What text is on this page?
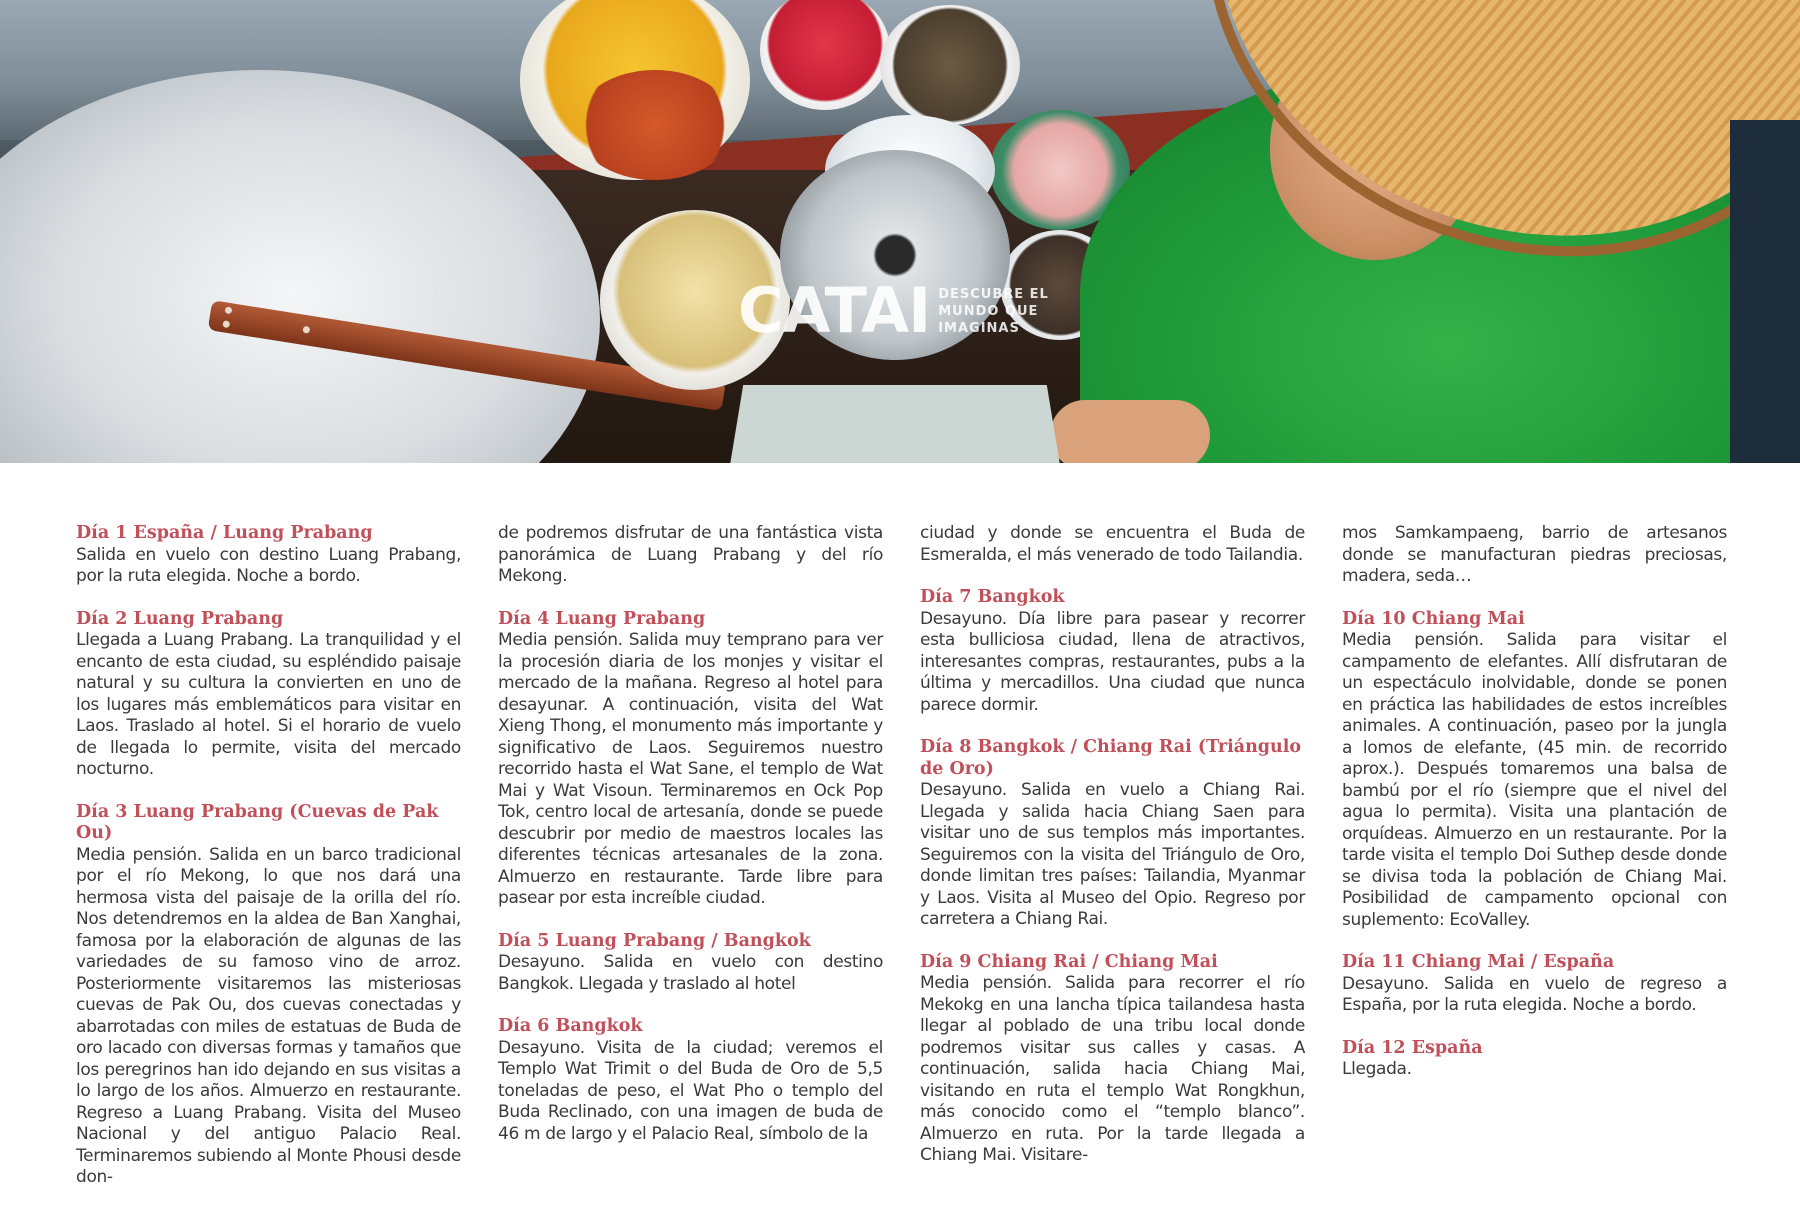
CATAI DESCUBRE EL
MUNDO QUE
IMAGINAS
Día 1 España / Luang Prabang
Salida en vuelo con destino Luang Prabang, por la ruta elegida. Noche a bordo.
Día 2 Luang Prabang
Llegada a Luang Prabang. La tranquilidad y el encanto de esta ciudad, su espléndido paisaje natural y su cultura la convierten en uno de los lugares más emblemáticos para visitar en Laos. Traslado al hotel. Si el horario de vuelo de llegada lo permite, visita del mercado nocturno.
Día 3 Luang Prabang (Cuevas de Pak Ou)
Media pensión. Salida en un barco tradicional por el río Mekong, lo que nos dará una hermosa vista del paisaje de la orilla del río. Nos detendremos en la aldea de Ban Xanghai, famosa por la elaboración de algunas de las variedades de su famoso vino de arroz. Posteriormente visitaremos las misteriosas cuevas de Pak Ou, dos cuevas conectadas y abarrotadas con miles de estatuas de Buda de oro lacado con diversas formas y tamaños que los peregrinos han ido dejando en sus visitas a lo largo de los años. Almuerzo en restaurante. Regreso a Luang Prabang. Visita del Museo Nacional y del antiguo Palacio Real. Terminaremos subiendo al Monte Phousi desde don-
de podremos disfrutar de una fantástica vista panorámica de Luang Prabang y del río Mekong.
Día 4 Luang Prabang
Media pensión. Salida muy temprano para ver la procesión diaria de los monjes y visitar el mercado de la mañana. Regreso al hotel para desayunar. A continuación, visita del Wat Xieng Thong, el monumento más importante y significativo de Laos. Seguiremos nuestro recorrido hasta el Wat Sane, el templo de Wat Mai y Wat Visoun. Terminaremos en Ock Pop Tok, centro local de artesanía, donde se puede descubrir por medio de maestros locales las diferentes técnicas artesanales de la zona. Almuerzo en restaurante. Tarde libre para pasear por esta increíble ciudad.
Día 5 Luang Prabang / Bangkok
Desayuno. Salida en vuelo con destino Bangkok. Llegada y traslado al hotel
Día 6 Bangkok
Desayuno. Visita de la ciudad; veremos el Templo Wat Trimit o del Buda de Oro de 5,5 toneladas de peso, el Wat Pho o templo del Buda Reclinado, con una imagen de buda de 46 m de largo y el Palacio Real, símbolo de la
ciudad y donde se encuentra el Buda de Esmeralda, el más venerado de todo Tailandia.
Día 7 Bangkok
Desayuno. Día libre para pasear y recorrer esta bulliciosa ciudad, llena de atractivos, interesantes compras, restaurantes, pubs a la última y mercadillos. Una ciudad que nunca parece dormir.
Día 8 Bangkok / Chiang Rai (Triángulo de Oro)
Desayuno. Salida en vuelo a Chiang Rai. Llegada y salida hacia Chiang Saen para visitar uno de sus templos más importantes. Seguiremos con la visita del Triángulo de Oro, donde limitan tres países: Tailandia, Myanmar y Laos. Visita al Museo del Opio. Regreso por carretera a Chiang Rai.
Día 9 Chiang Rai / Chiang Mai
Media pensión. Salida para recorrer el río Mekokg en una lancha típica tailandesa hasta llegar al poblado de una tribu local donde podremos visitar sus calles y casas. A continuación, salida hacia Chiang Mai, visitando en ruta el templo Wat Rongkhun, más conocido como el “templo blanco”. Almuerzo en ruta. Por la tarde llegada a Chiang Mai. Visitare-
mos Samkampaeng, barrio de artesanos donde se manufacturan piedras preciosas, madera, seda…
Día 10 Chiang Mai
Media pensión. Salida para visitar el campamento de elefantes. Allí disfrutaran de un espectáculo inolvidable, donde se ponen en práctica las habilidades de estos increíbles animales. A continuación, paseo por la jungla a lomos de elefante, (45 min. de recorrido aprox.). Después tomaremos una balsa de bambú por el río (siempre que el nivel del agua lo permita). Visita una plantación de orquídeas. Almuerzo en un restaurante. Por la tarde visita el templo Doi Suthep desde donde se divisa toda la población de Chiang Mai. Posibilidad de campamento opcional con suplemento: EcoValley.
Día 11 Chiang Mai / España
Desayuno. Salida en vuelo de regreso a España, por la ruta elegida. Noche a bordo.
Día 12 España
Llegada.
